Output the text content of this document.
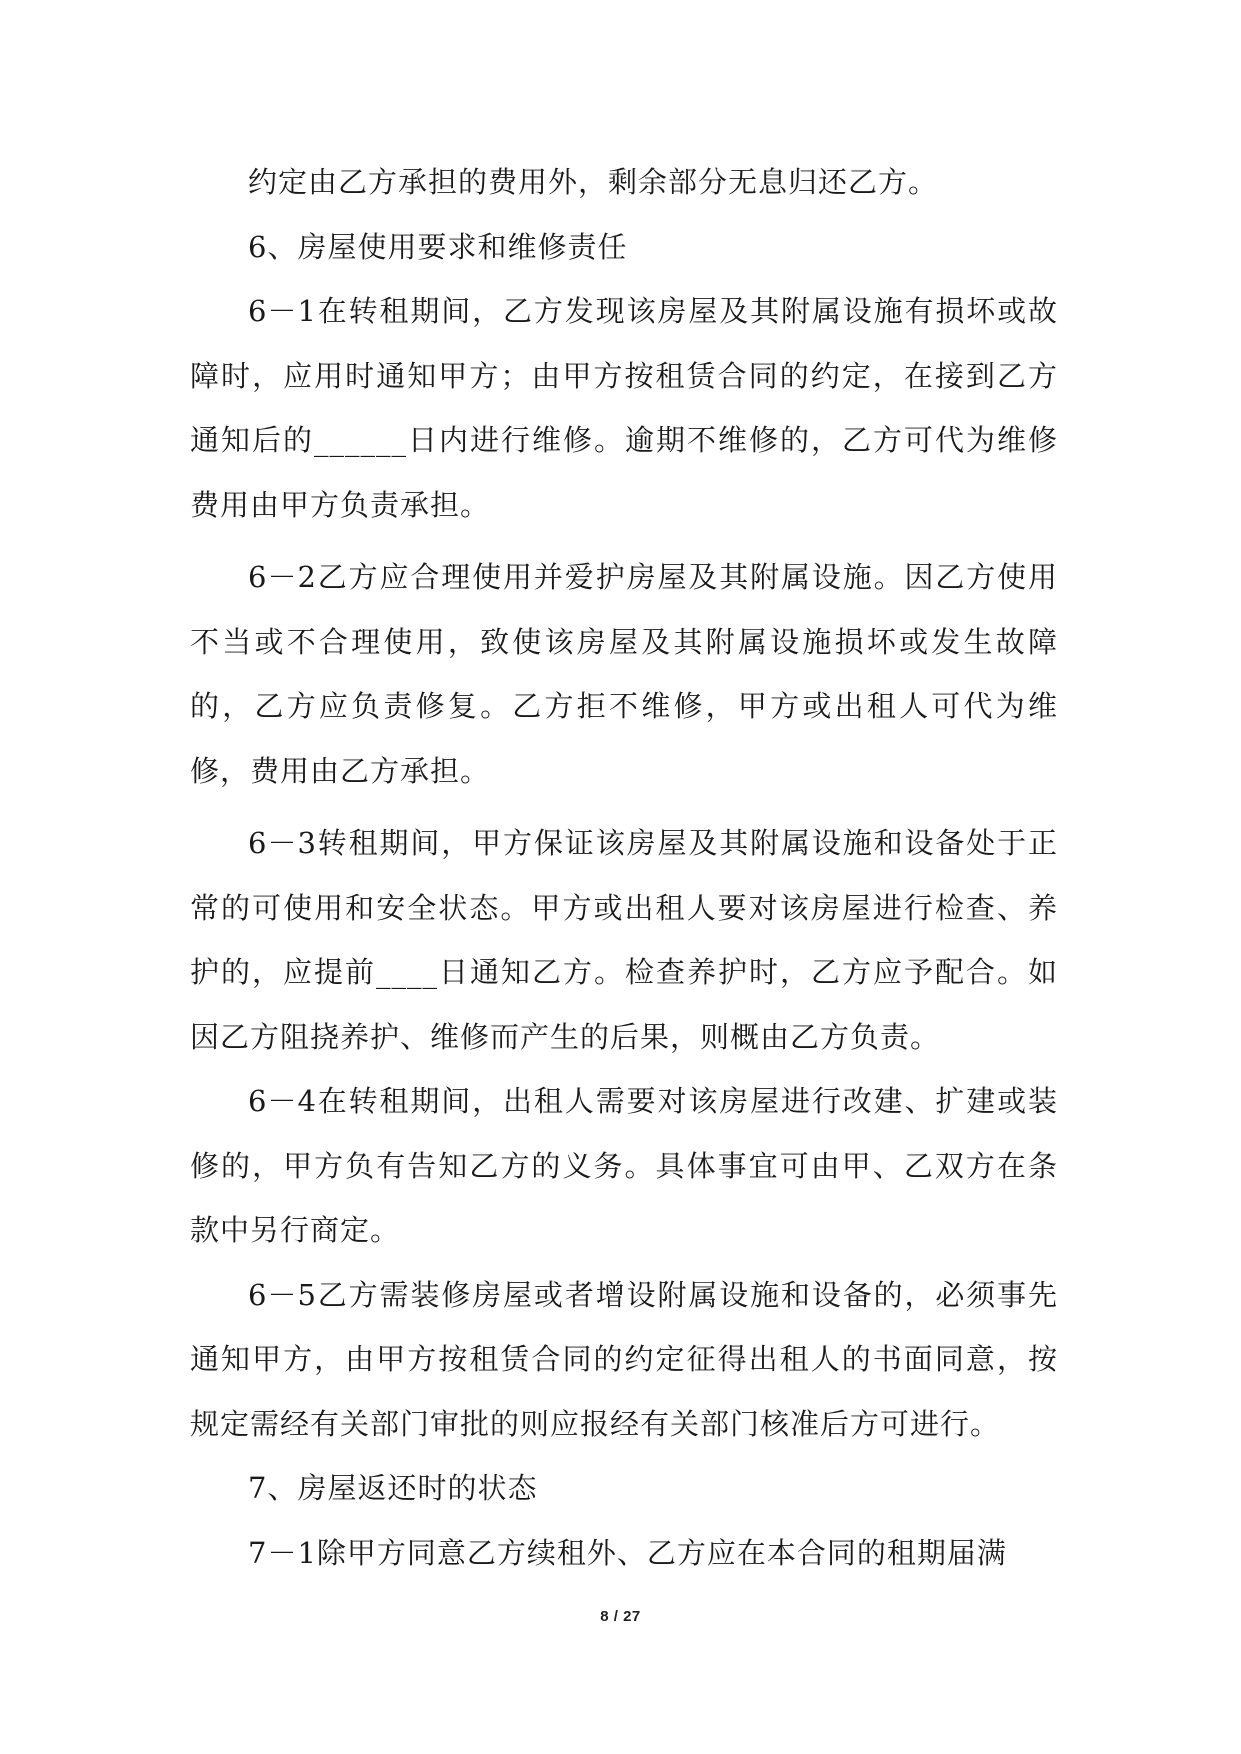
约定由乙方承担的费用外，剩余部分无息归还乙方。

6、房屋使用要求和维修责任

6－1在转租期间，乙方发现该房屋及其附属设施有损坏或故障时，应用时通知甲方；由甲方按租赁合同的约定，在接到乙方通知后的______日内进行维修。逾期不维修的，乙方可代为维修费用由甲方负责承担。

6－2乙方应合理使用并爱护房屋及其附属设施。因乙方使用不当或不合理使用，致使该房屋及其附属设施损坏或发生故障的，乙方应负责修复。乙方拒不维修，甲方或出租人可代为维修，费用由乙方承担。

6－3转租期间，甲方保证该房屋及其附属设施和设备处于正常的可使用和安全状态。甲方或出租人要对该房屋进行检查、养护的，应提前____日通知乙方。检查养护时，乙方应予配合。如因乙方阻挠养护、维修而产生的后果，则概由乙方负责。

6－4在转租期间，出租人需要对该房屋进行改建、扩建或装修的，甲方负有告知乙方的义务。具体事宜可由甲、乙双方在条款中另行商定。

6－5乙方需装修房屋或者增设附属设施和设备的，必须事先通知甲方，由甲方按租赁合同的约定征得出租人的书面同意，按规定需经有关部门审批的则应报经有关部门核准后方可进行。

7、房屋返还时的状态

7－1除甲方同意乙方续租外、乙方应在本合同的租期届满

8 / 27
